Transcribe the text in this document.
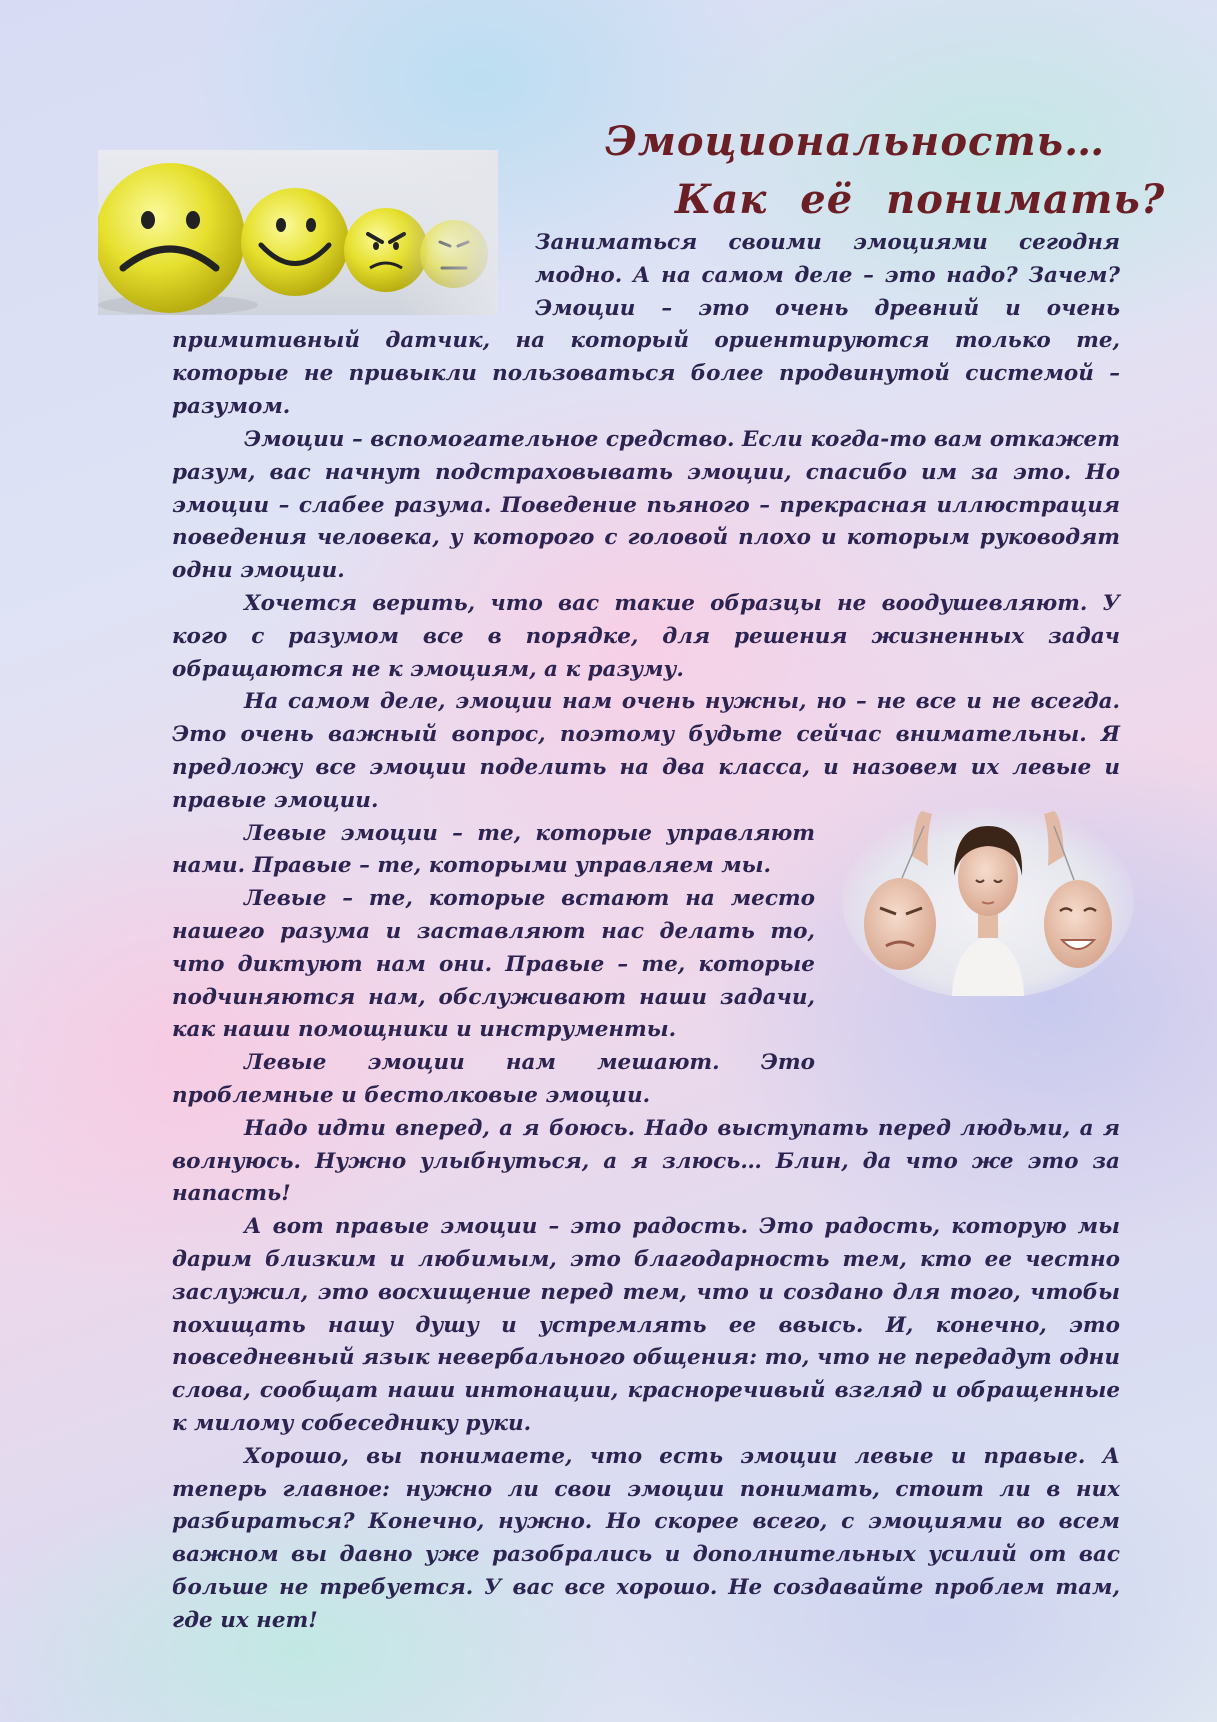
Эмоциональность…
Как её понимать?
Заниматься своими эмоциями сегодня модно. А на самом деле – это надо? Зачем? Эмоции – это очень древний и очень примитивный датчик, на который ориентируются только те, которые не привыкли пользоваться более продвинутой системой – разумом.

Эмоции – вспомогательное средство. Если когда-то вам откажет разум, вас начнут подстраховывать эмоции, спасибо им за это. Но эмоции – слабее разума. Поведение пьяного – прекрасная иллюстрация поведения человека, у которого с головой плохо и которым руководят одни эмоции.

Хочется верить, что вас такие образцы не воодушевляют. У кого с разумом все в порядке, для решения жизненных задач обращаются не к эмоциям, а к разуму.

На самом деле, эмоции нам очень нужны, но – не все и не всегда. Это очень важный вопрос, поэтому будьте сейчас внимательны. Я предложу все эмоции поделить на два класса, и назовем их левые и правые эмоции.

Левые эмоции – те, которые управляют нами. Правые – те, которыми управляем мы.

Левые – те, которые встают на место нашего разума и заставляют нас делать то, что диктуют нам они. Правые – те, которые подчиняются нам, обслуживают наши задачи, как наши помощники и инструменты.

Левые эмоции нам мешают. Это проблемные и бестолковые эмоции.

Надо идти вперед, а я боюсь. Надо выступать перед людьми, а я волнуюсь. Нужно улыбнуться, а я злюсь… Блин, да что же это за напасть!

А вот правые эмоции – это радость. Это радость, которую мы дарим близким и любимым, это благодарность тем, кто ее честно заслужил, это восхищение перед тем, что и создано для того, чтобы похищать нашу душу и устремлять ее ввысь. И, конечно, это повседневный язык невербального общения: то, что не передадут одни слова, сообщат наши интонации, красноречивый взгляд и обращенные к милому собеседнику руки.

Хорошо, вы понимаете, что есть эмоции левые и правые. А теперь главное: нужно ли свои эмоции понимать, стоит ли в них разбираться? Конечно, нужно. Но скорее всего, с эмоциями во всем важном вы давно уже разобрались и дополнительных усилий от вас больше не требуется. У вас все хорошо. Не создавайте проблем там, где их нет!
